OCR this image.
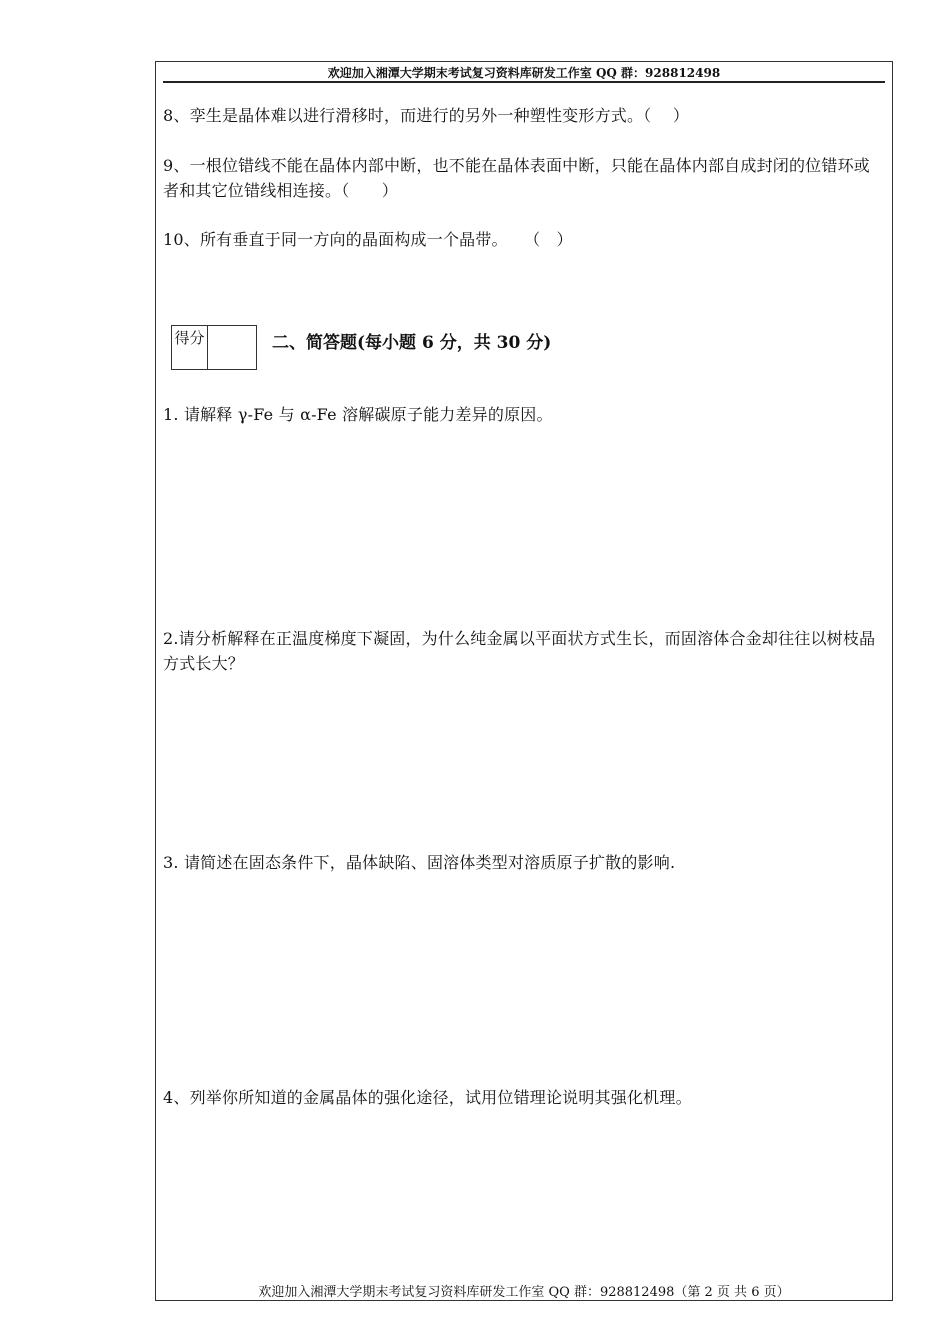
欢迎加入湘潭大学期末考试复习资料库研发工作室 QQ 群：928812498
8、孪生是晶体难以进行滑移时，而进行的另外一种塑性变形方式。（　 ）
9、一根位错线不能在晶体内部中断，也不能在晶体表面中断，只能在晶体内部自成封闭的位错环或者和其它位错线相连接。（　　）
10、所有垂直于同一方向的晶面构成一个晶带。　　（　）
得分	二、简答题(每小题 6 分，共 30 分)
1. 请解释 γ-Fe 与 α-Fe 溶解碳原子能力差异的原因。
2.请分析解释在正温度梯度下凝固，为什么纯金属以平面状方式生长，而固溶体合金却往往以树枝晶方式长大？
3. 请简述在固态条件下，晶体缺陷、固溶体类型对溶质原子扩散的影响.
4、列举你所知道的金属晶体的强化途径，试用位错理论说明其强化机理。
欢迎加入湘潭大学期末考试复习资料库研发工作室 QQ 群：928812498（第 2 页 共 6 页）
